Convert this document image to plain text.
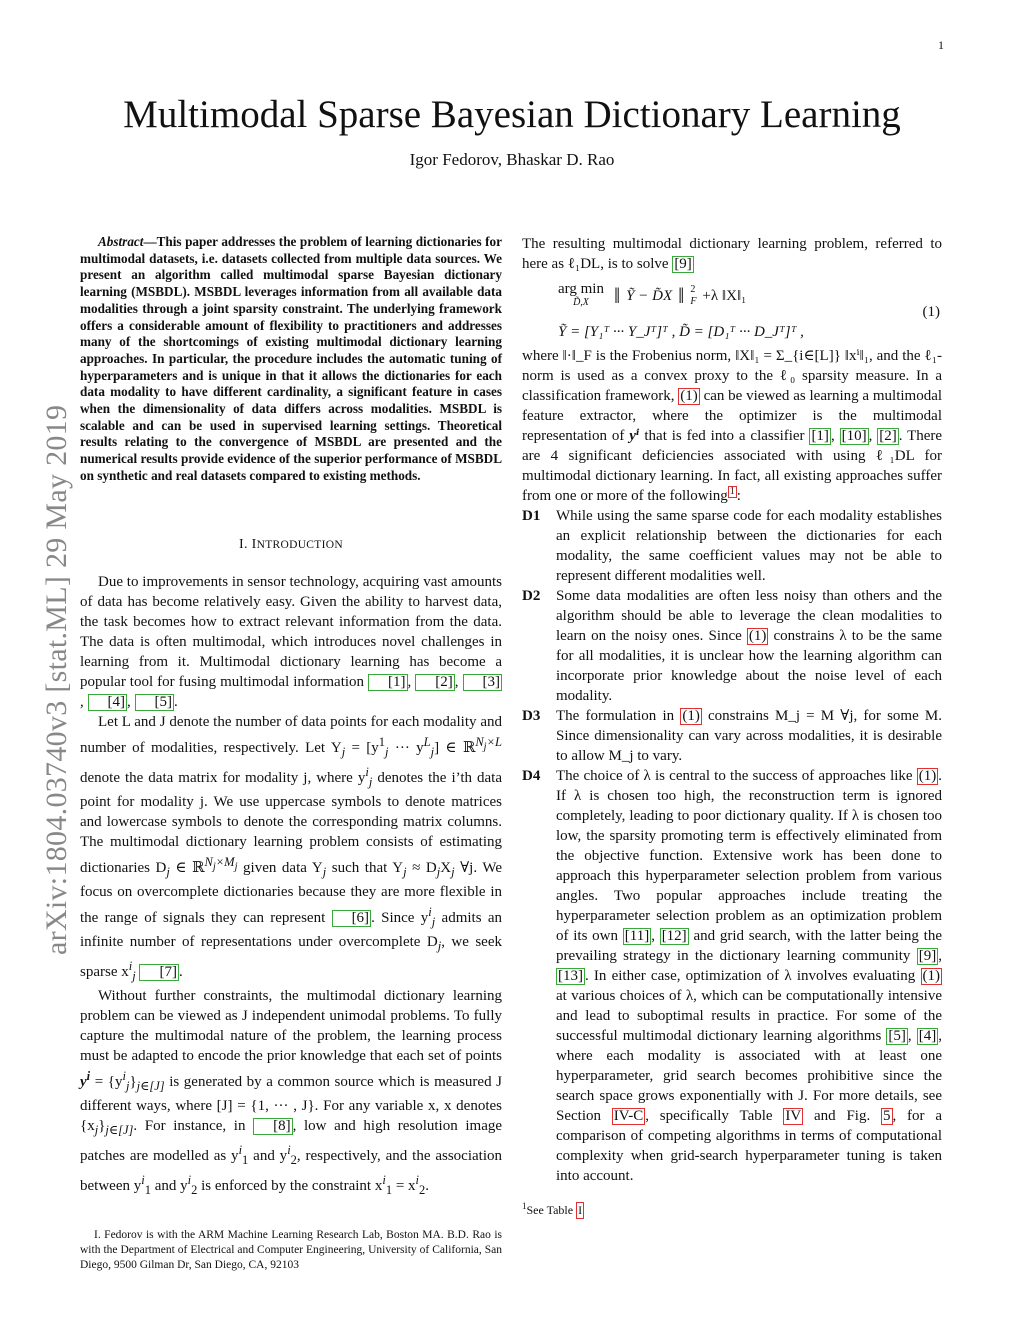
1
arXiv:1804.03740v3 [stat.ML] 29 May 2019
Multimodal Sparse Bayesian Dictionary Learning
Igor Fedorov, Bhaskar D. Rao

Abstract—This paper addresses the problem of learning dictionaries for multimodal datasets, i.e. datasets collected from multiple data sources. We present an algorithm called multimodal sparse Bayesian dictionary learning (MSBDL). MSBDL leverages information from all available data modalities through a joint sparsity constraint. The underlying framework offers a considerable amount of flexibility to practitioners and addresses many of the shortcomings of existing multimodal dictionary learning approaches. In particular, the procedure includes the automatic tuning of hyperparameters and is unique in that it allows the dictionaries for each data modality to have different cardinality, a significant feature in cases when the dimensionality of data differs across modalities. MSBDL is scalable and can be used in supervised learning settings. Theoretical results relating to the convergence of MSBDL are presented and the numerical results provide evidence of the superior performance of MSBDL on synthetic and real datasets compared to existing methods.

I. INTRODUCTION

Due to improvements in sensor technology, acquiring vast amounts of data has become relatively easy. Given the ability to harvest data, the task becomes how to extract relevant information from the data. The data is often multimodal, which introduces novel challenges in learning from it. Multimodal dictionary learning has become a popular tool for fusing multimodal information [1] , [2] , [3], [4] , [5] .

Let L and J denote the number of data points for each modality and number of modalities, respectively. Let $Y_j = [y^1_j$ ··· $y^L_j$] ∈ ℝ$^{N_j\times L}$ denote the data matrix for modality j, where $y^i_j$ denotes the i’th data point for modality j. We use uppercase symbols to denote matrices and lowercase symbols to denote the corresponding matrix columns. The multimodal dictionary learning problem consists of estimating dictionaries $D_j$ ∈ ℝ$^{N_j\times M_j}$ given data $Y_j$ such that $Y_j \approx D_jX_j$ ∀j. We focus on overcomplete dictionaries because they are more flexible in the range of signals they can represent [6] . Since $y^i_j$ admits an infinite number of representations under overcomplete $D_j$, we seek sparse $x^i_j$ [7] .

Without further constraints, the multimodal dictionary learning problem can be viewed as J independent unimodal problems. To fully capture the multimodal nature of the problem, the learning process must be adapted to encode the prior knowledge that each set of points $y^i = \{y^i_j\}_{j\in[J]}$ is generated by a common source which is measured J different ways, where [J] = {1, ··· , J}. For any variable x, x denotes $\{x_j\}_{j\in[J]}$. For instance, in [8] , low and high resolution image patches are modelled as $y^i_1$ and $y^i_2$, respectively, and the association between $y^i_1$ and $y^i_2$ is enforced by the constraint $x^i_1 = x^i_2$.

I. Fedorov is with the ARM Machine Learning Research Lab, Boston MA. B.D. Rao is with the Department of Electrical and Computer Engineering, University of California, San Diego, 9500 Gilman Dr, San Diego, CA, 92103

The resulting multimodal dictionary learning problem, referred to here as ℓ₁DL, is to solve [9]

arg min
D̃,X ‖ Ỹ − D̃X ‖ 2
F +λ ‖X‖₁
Ỹ = [Y₁ᵀ ··· Y_Jᵀ]ᵀ , D̃ = [D₁ᵀ ··· D_Jᵀ]ᵀ ,
(1)

where ‖·‖_F is the Frobenius norm, ‖X‖₁ = Σ_{i∈[L]} ‖xⁱ‖₁, and the ℓ₁-norm is used as a convex proxy to the ℓ₀ sparsity measure. In a classification framework, (1) can be viewed as learning a multimodal feature extractor, where the optimizer is the multimodal representation of yⁱ that is fed into a classifier [1] , [10] , [2] . There are 4 significant deficiencies associated with using ℓ₁DL for multimodal dictionary learning. In fact, all existing approaches suffer from one or more of the following 1 :

D1	While using the same sparse code for each modality establishes an explicit relationship between the dictionaries for each modality, the same coefficient values may not be able to represent different modalities well.
D2	Some data modalities are often less noisy than others and the algorithm should be able to leverage the clean modalities to learn on the noisy ones. Since (1) constrains λ to be the same for all modalities, it is unclear how the learning algorithm can incorporate prior knowledge about the noise level of each modality.
D3	The formulation in (1) constrains M_j = M ∀j, for some M. Since dimensionality can vary across modalities, it is desirable to allow M_j to vary.
D4	The choice of λ is central to the success of approaches like (1) . If λ is chosen too high, the reconstruction term is ignored completely, leading to poor dictionary quality. If λ is chosen too low, the sparsity promoting term is effectively eliminated from the objective function. Extensive work has been done to approach this hyperparameter selection problem from various angles. Two popular approaches include treating the hyperparameter selection problem as an optimization problem of its own [11] , [12] and grid search, with the latter being the prevailing strategy in the dictionary learning community [9] , [13] . In either case, optimization of λ involves evaluating (1) at various choices of λ, which can be computationally intensive and lead to suboptimal results in practice. For some of the successful multimodal dictionary learning algorithms [5] , [4] , where each modality is associated with at least one hyperparameter, grid search becomes prohibitive since the search space grows exponentially with J. For more details, see Section IV-C , specifically Table IV and Fig. 5 , for a comparison of competing algorithms in terms of computational complexity when grid-search hyperparameter tuning is taken into account.

$^1$See Table I
